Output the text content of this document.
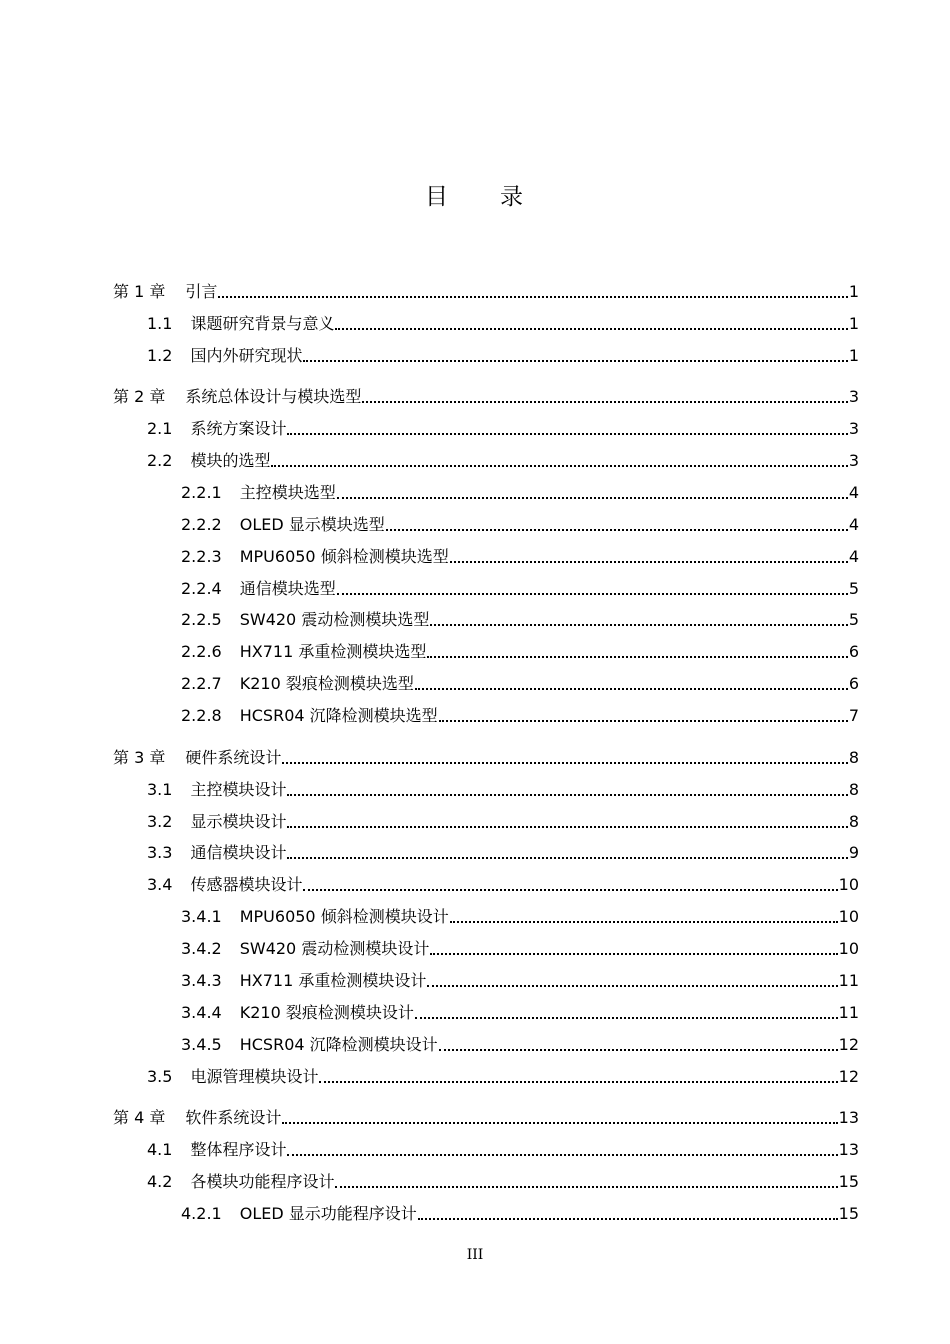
目　　录
第 1 章 引言	1
1.1 课题研究背景与意义	1
1.2 国内外研究现状	1
第 2 章 系统总体设计与模块选型	3
2.1 系统方案设计	3
2.2 模块的选型	3
2.2.1 主控模块选型	4
2.2.2 OLED 显示模块选型	4
2.2.3 MPU6050 倾斜检测模块选型	4
2.2.4 通信模块选型	5
2.2.5 SW420 震动检测模块选型	5
2.2.6 HX711 承重检测模块选型	6
2.2.7 K210 裂痕检测模块选型	6
2.2.8 HCSR04 沉降检测模块选型	7
第 3 章 硬件系统设计	8
3.1 主控模块设计	8
3.2 显示模块设计	8
3.3 通信模块设计	9
3.4 传感器模块设计	10
3.4.1 MPU6050 倾斜检测模块设计	10
3.4.2 SW420 震动检测模块设计	10
3.4.3 HX711 承重检测模块设计	11
3.4.4 K210 裂痕检测模块设计	11
3.4.5 HCSR04 沉降检测模块设计	12
3.5 电源管理模块设计	12
第 4 章 软件系统设计	13
4.1 整体程序设计	13
4.2 各模块功能程序设计	15
4.2.1 OLED 显示功能程序设计	15
III
